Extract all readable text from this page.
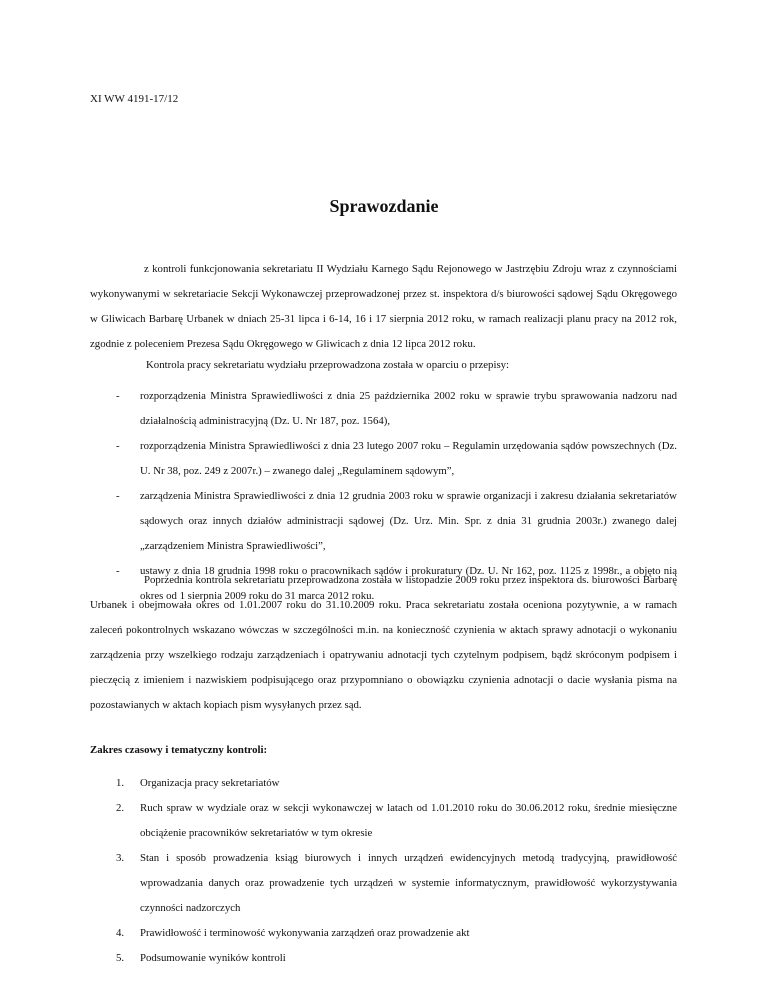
XI WW 4191-17/12
Sprawozdanie
z kontroli funkcjonowania sekretariatu II Wydziału Karnego Sądu Rejonowego w Jastrzębiu Zdroju wraz z czynnościami wykonywanymi w sekretariacie Sekcji Wykonawczej przeprowadzonej przez st. inspektora d/s biurowości sądowej Sądu Okręgowego w Gliwicach Barbarę Urbanek w dniach 25-31 lipca i 6-14, 16 i 17 sierpnia 2012 roku, w ramach realizacji planu pracy na 2012 rok, zgodnie z poleceniem Prezesa Sądu Okręgowego w Gliwicach z dnia 12 lipca 2012 roku.
Kontrola pracy sekretariatu wydziału przeprowadzona została w oparciu o przepisy:
- rozporządzenia Ministra Sprawiedliwości z dnia 25 października 2002 roku w sprawie trybu sprawowania nadzoru nad działalnością administracyjną (Dz. U. Nr 187, poz. 1564),
- rozporządzenia Ministra Sprawiedliwości z dnia 23 lutego 2007 roku – Regulamin urzędowania sądów powszechnych (Dz. U. Nr 38, poz. 249 z 2007r.) – zwanego dalej „Regulaminem sądowym”,
- zarządzenia Ministra Sprawiedliwości z dnia 12 grudnia 2003 roku w sprawie organizacji i zakresu działania sekretariatów sądowych oraz innych działów administracji sądowej (Dz. Urz. Min. Spr. z dnia 31 grudnia 2003r.) zwanego dalej „zarządzeniem Ministra Sprawiedliwości”,
- ustawy z dnia 18 grudnia 1998 roku o pracownikach sądów i prokuratury (Dz. U. Nr 162, poz. 1125 z 1998r., a objęto nią okres od 1 sierpnia 2009 roku do 31 marca 2012 roku.
Poprzednia kontrola sekretariatu przeprowadzona została w listopadzie 2009 roku przez inspektora ds. biurowości Barbarę Urbanek i obejmowała okres od 1.01.2007 roku do 31.10.2009 roku. Praca sekretariatu została oceniona pozytywnie, a w ramach zaleceń pokontrolnych wskazano wówczas w szczególności m.in. na konieczność czynienia w aktach sprawy adnotacji o wykonaniu zarządzenia przy wszelkiego rodzaju zarządzeniach i opatrywaniu adnotacji tych czytelnym podpisem, bądź skróconym podpisem i pieczęcią z imieniem i nazwiskiem podpisującego oraz przypomniano o obowiązku czynienia adnotacji o dacie wysłania pisma na pozostawianych w aktach kopiach pism wysyłanych przez sąd.
Zakres czasowy i tematyczny kontroli:
1. Organizacja pracy sekretariatów
2. Ruch spraw w wydziale oraz w sekcji wykonawczej w latach od 1.01.2010 roku do 30.06.2012 roku, średnie miesięczne obciążenie pracowników sekretariatów w tym okresie
3. Stan i sposób prowadzenia ksiąg biurowych i innych urządzeń ewidencyjnych metodą tradycyjną, prawidłowość wprowadzania danych oraz prowadzenie tych urządzeń w systemie informatycznym, prawidłowość wykorzystywania czynności nadzorczych
4. Prawidłowość i terminowość wykonywania zarządzeń oraz prowadzenie akt
5. Podsumowanie wyników kontroli
